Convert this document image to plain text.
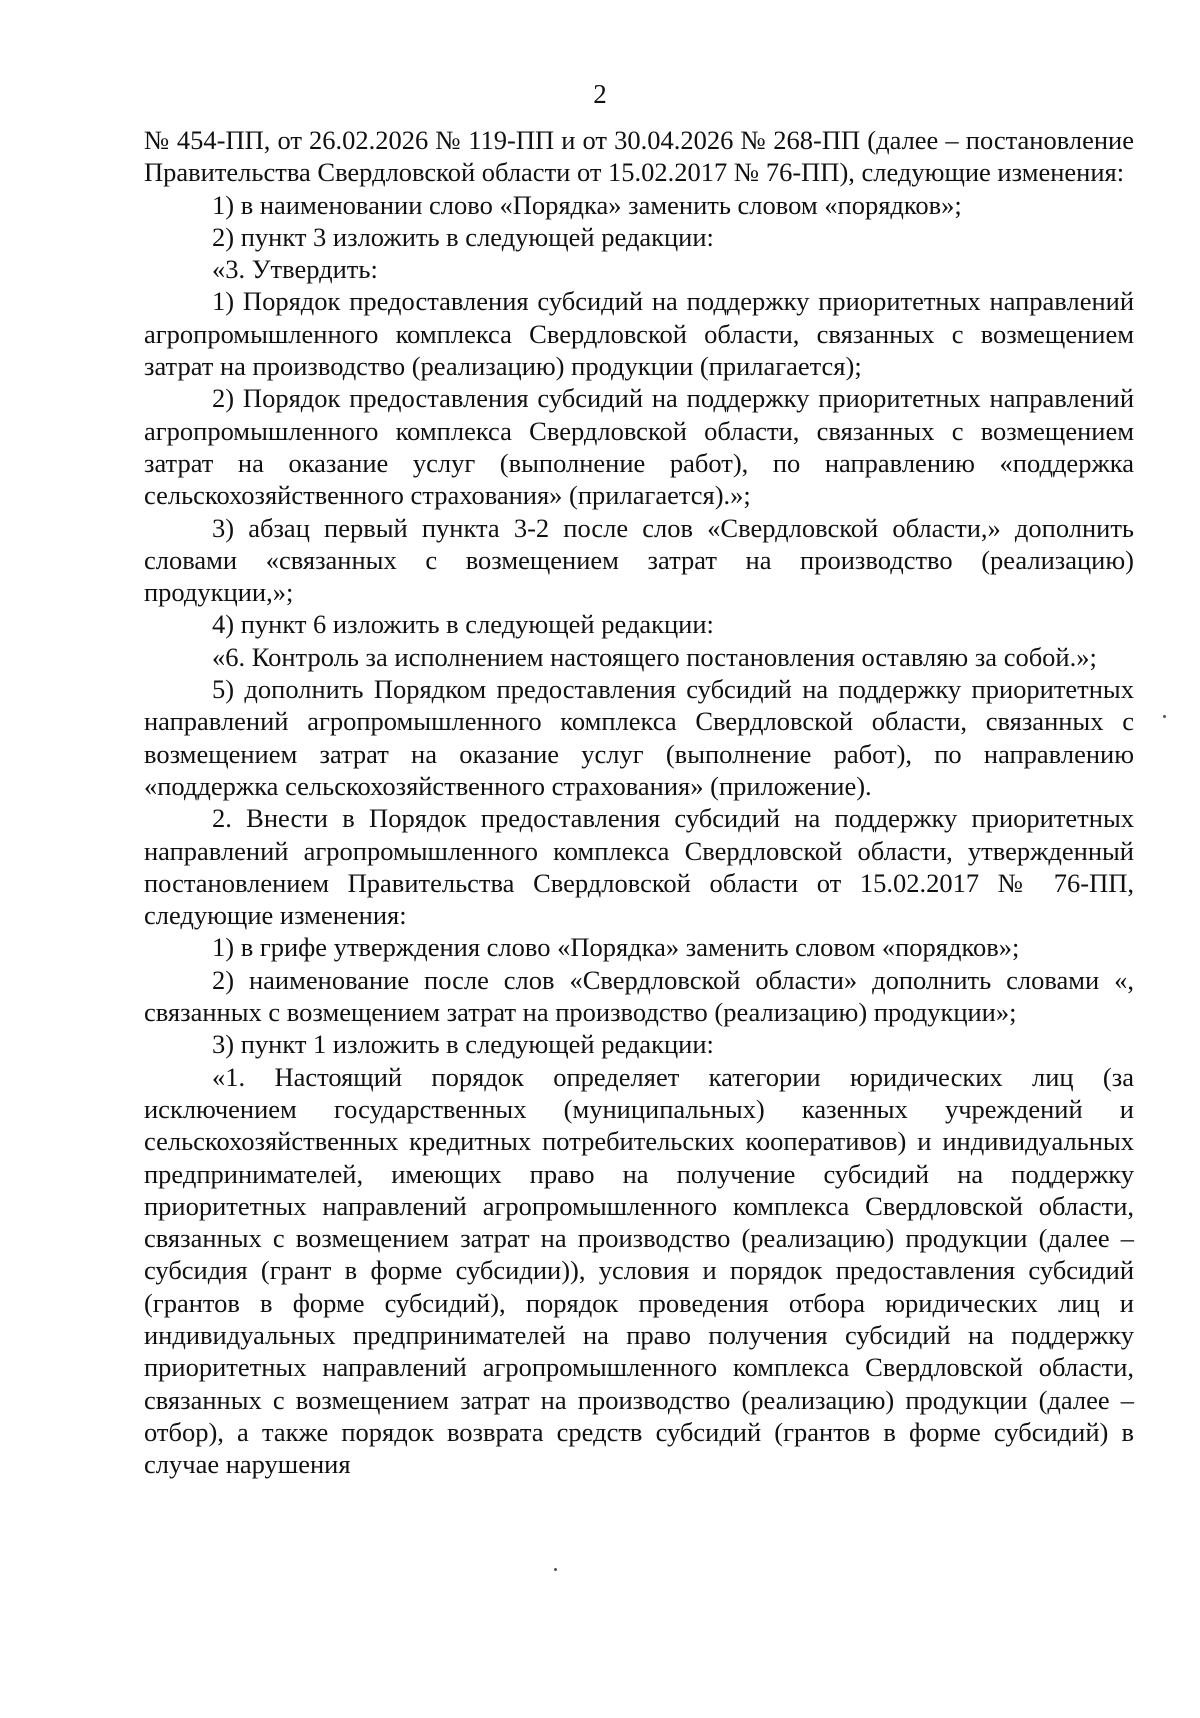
2

№ 454-ПП, от 26.02.2026 № 119-ПП и от 30.04.2026 № 268-ПП (далее – постановление Правительства Свердловской области от 15.02.2017 № 76-ПП), следующие изменения:

1) в наименовании слово «Порядка» заменить словом «порядков»;

2) пункт 3 изложить в следующей редакции:

«3. Утвердить:

1) Порядок предоставления субсидий на поддержку приоритетных направлений агропромышленного комплекса Свердловской области, связанных с возмещением затрат на производство (реализацию) продукции (прилагается);

2) Порядок предоставления субсидий на поддержку приоритетных направлений агропромышленного комплекса Свердловской области, связанных с возмещением затрат на оказание услуг (выполнение работ), по направлению «поддержка сельскохозяйственного страхования» (прилагается).»;

3) абзац первый пункта 3-2 после слов «Свердловской области,» дополнить словами «связанных с возмещением затрат на производство (реализацию) продукции,»;

4) пункт 6 изложить в следующей редакции:

«6. Контроль за исполнением настоящего постановления оставляю за собой.»;

5) дополнить Порядком предоставления субсидий на поддержку приоритетных направлений агропромышленного комплекса Свердловской области, связанных с возмещением затрат на оказание услуг (выполнение работ), по направлению «поддержка сельскохозяйственного страхования» (приложение).

2. Внести в Порядок предоставления субсидий на поддержку приоритетных направлений агропромышленного комплекса Свердловской области, утвержденный постановлением Правительства Свердловской области от 15.02.2017 № 76-ПП, следующие изменения:

1) в грифе утверждения слово «Порядка» заменить словом «порядков»;

2) наименование после слов «Свердловской области» дополнить словами «, связанных с возмещением затрат на производство (реализацию) продукции»;

3) пункт 1 изложить в следующей редакции:

«1. Настоящий порядок определяет категории юридических лиц (за исключением государственных (муниципальных) казенных учреждений и сельскохозяйственных кредитных потребительских кооперативов) и индивидуальных предпринимателей, имеющих право на получение субсидий на поддержку приоритетных направлений агропромышленного комплекса Свердловской области, связанных с возмещением затрат на производство (реализацию) продукции (далее – субсидия (грант в форме субсидии)), условия и порядок предоставления субсидий (грантов в форме субсидий), порядок проведения отбора юридических лиц и индивидуальных предпринимателей на право получения субсидий на поддержку приоритетных направлений агропромышленного комплекса Свердловской области, связанных с возмещением затрат на производство (реализацию) продукции (далее – отбор), а также порядок возврата средств субсидий (грантов в форме субсидий) в случае нарушения
